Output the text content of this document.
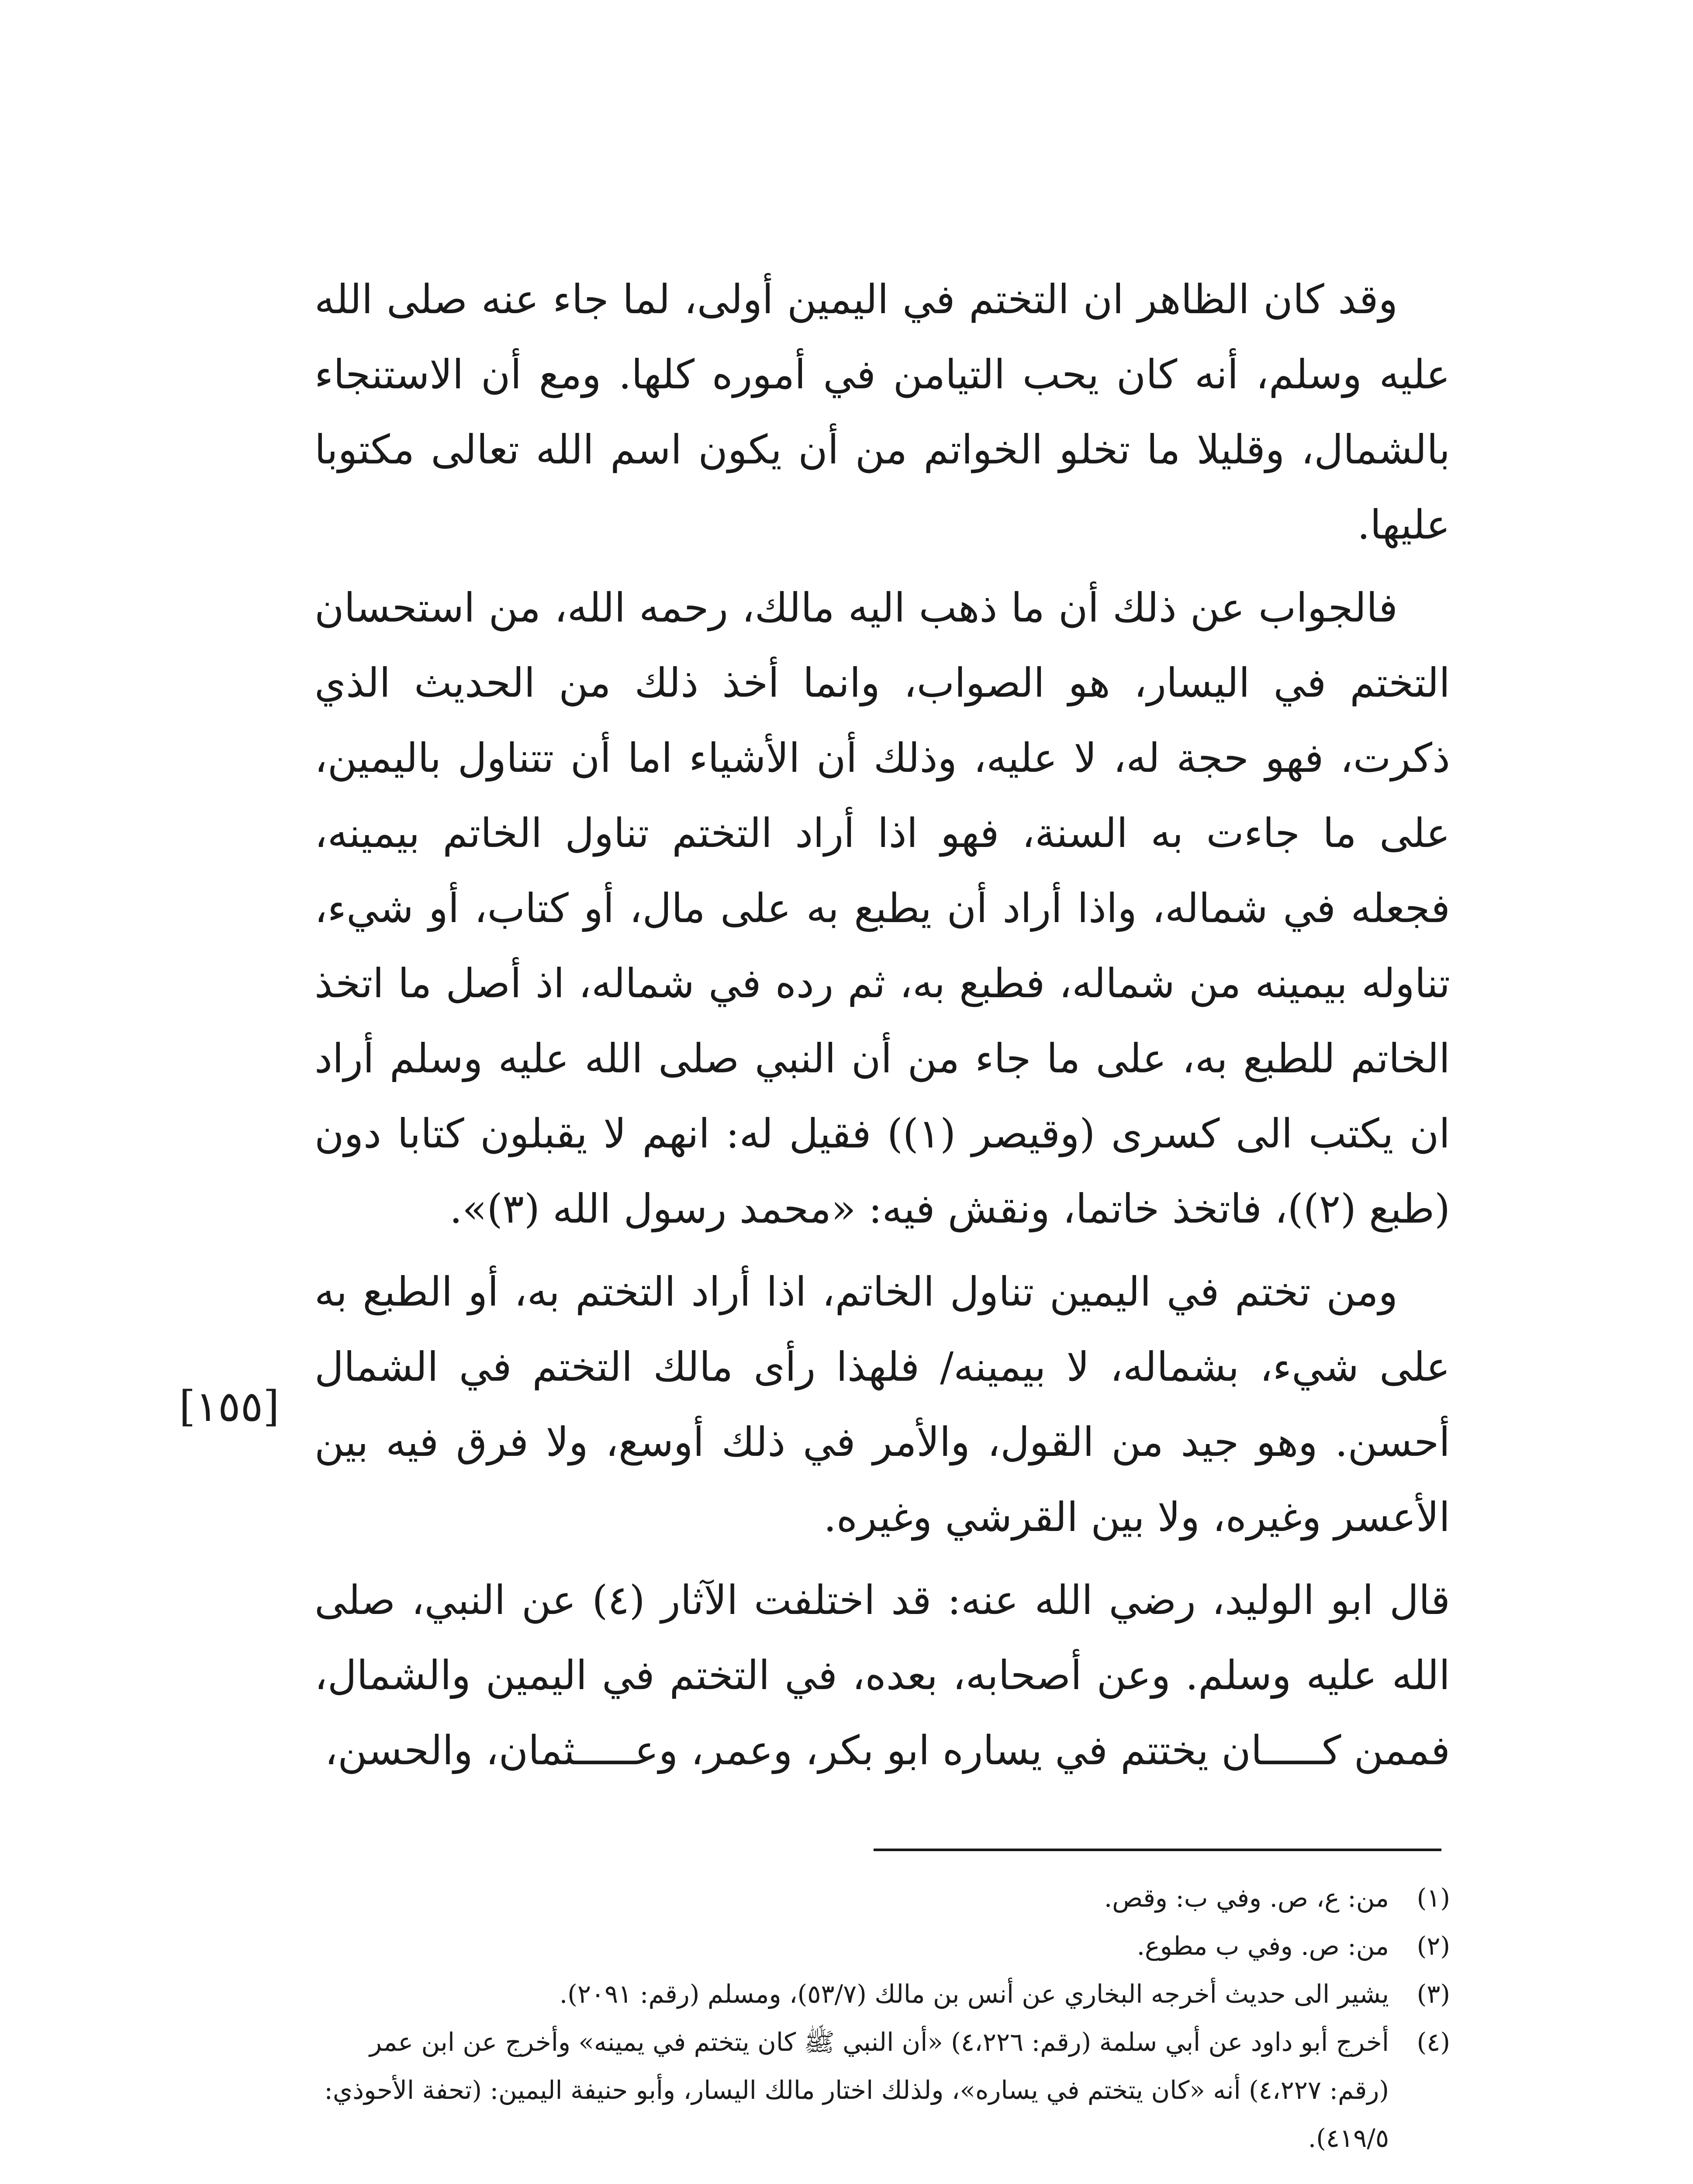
وقد كان الظاهر ان التختم في اليمين أولى، لما جاء عنه صلى الله عليه وسلم، أنه كان يحب التيامن في أموره كلها. ومع أن الاستنجاء بالشمال، وقليلا ما تخلو الخواتم من أن يكون اسم الله تعالى مكتوبا عليها.

فالجواب عن ذلك أن ما ذهب اليه مالك، رحمه الله، من استحسان التختم في اليسار، هو الصواب، وانما أخذ ذلك من الحديث الذي ذكرت، فهو حجة له، لا عليه، وذلك أن الأشياء اما أن تتناول باليمين، على ما جاءت به السنة، فهو اذا أراد التختم تناول الخاتم بيمينه، فجعله في شماله، واذا أراد أن يطبع به على مال، أو كتاب، أو شيء، تناوله بيمينه من شماله، فطبع به، ثم رده في شماله، اذ أصل ما اتخذ الخاتم للطبع به، على ما جاء من أن النبي صلى الله عليه وسلم أراد ان يكتب الى كسرى (وقيصر (١)) فقيل له: انهم لا يقبلون كتابا دون (طبع (٢))، فاتخذ خاتما، ونقش فيه: «محمد رسول الله (٣)».

ومن تختم في اليمين تناول الخاتم، اذا أراد التختم به، أو الطبع به على شيء، بشماله، لا بيمينه/ فلهذا رأى مالك التختم في الشمال أحسن. وهو جيد من القول، والأمر في ذلك أوسع، ولا فرق فيه بين الأعسر وغيره، ولا بين القرشي وغيره.

قال ابو الوليد، رضي الله عنه: قد اختلفت الآثار (٤) عن النبي، صلى الله عليه وسلم. وعن أصحابه، بعده، في التختم في اليمين والشمال، فممن كـــــان يختتم في يساره ابو بكر، وعمر، وعـــــثمان، والحسن،

[١٥٥]
(١)
من: ع، ص. وفي ب: وقص.
(٢)
من: ص. وفي ب مطوع.
(٣)
يشير الى حديث أخرجه البخاري عن أنس بن مالك (٥٣/٧)، ومسلم (رقم: ٢٠٩١).
(٤)
أخرج أبو داود عن أبي سلمة (رقم: ٤،٢٢٦) «أن النبي ﷺ كان يتختم في يمينه» وأخرج عن ابن عمر (رقم: ٤،٢٢٧) أنه «كان يتختم في يساره»، ولذلك اختار مالك اليسار، وأبو حنيفة اليمين: (تحفة الأحوذي: ٤١٩/٥).
